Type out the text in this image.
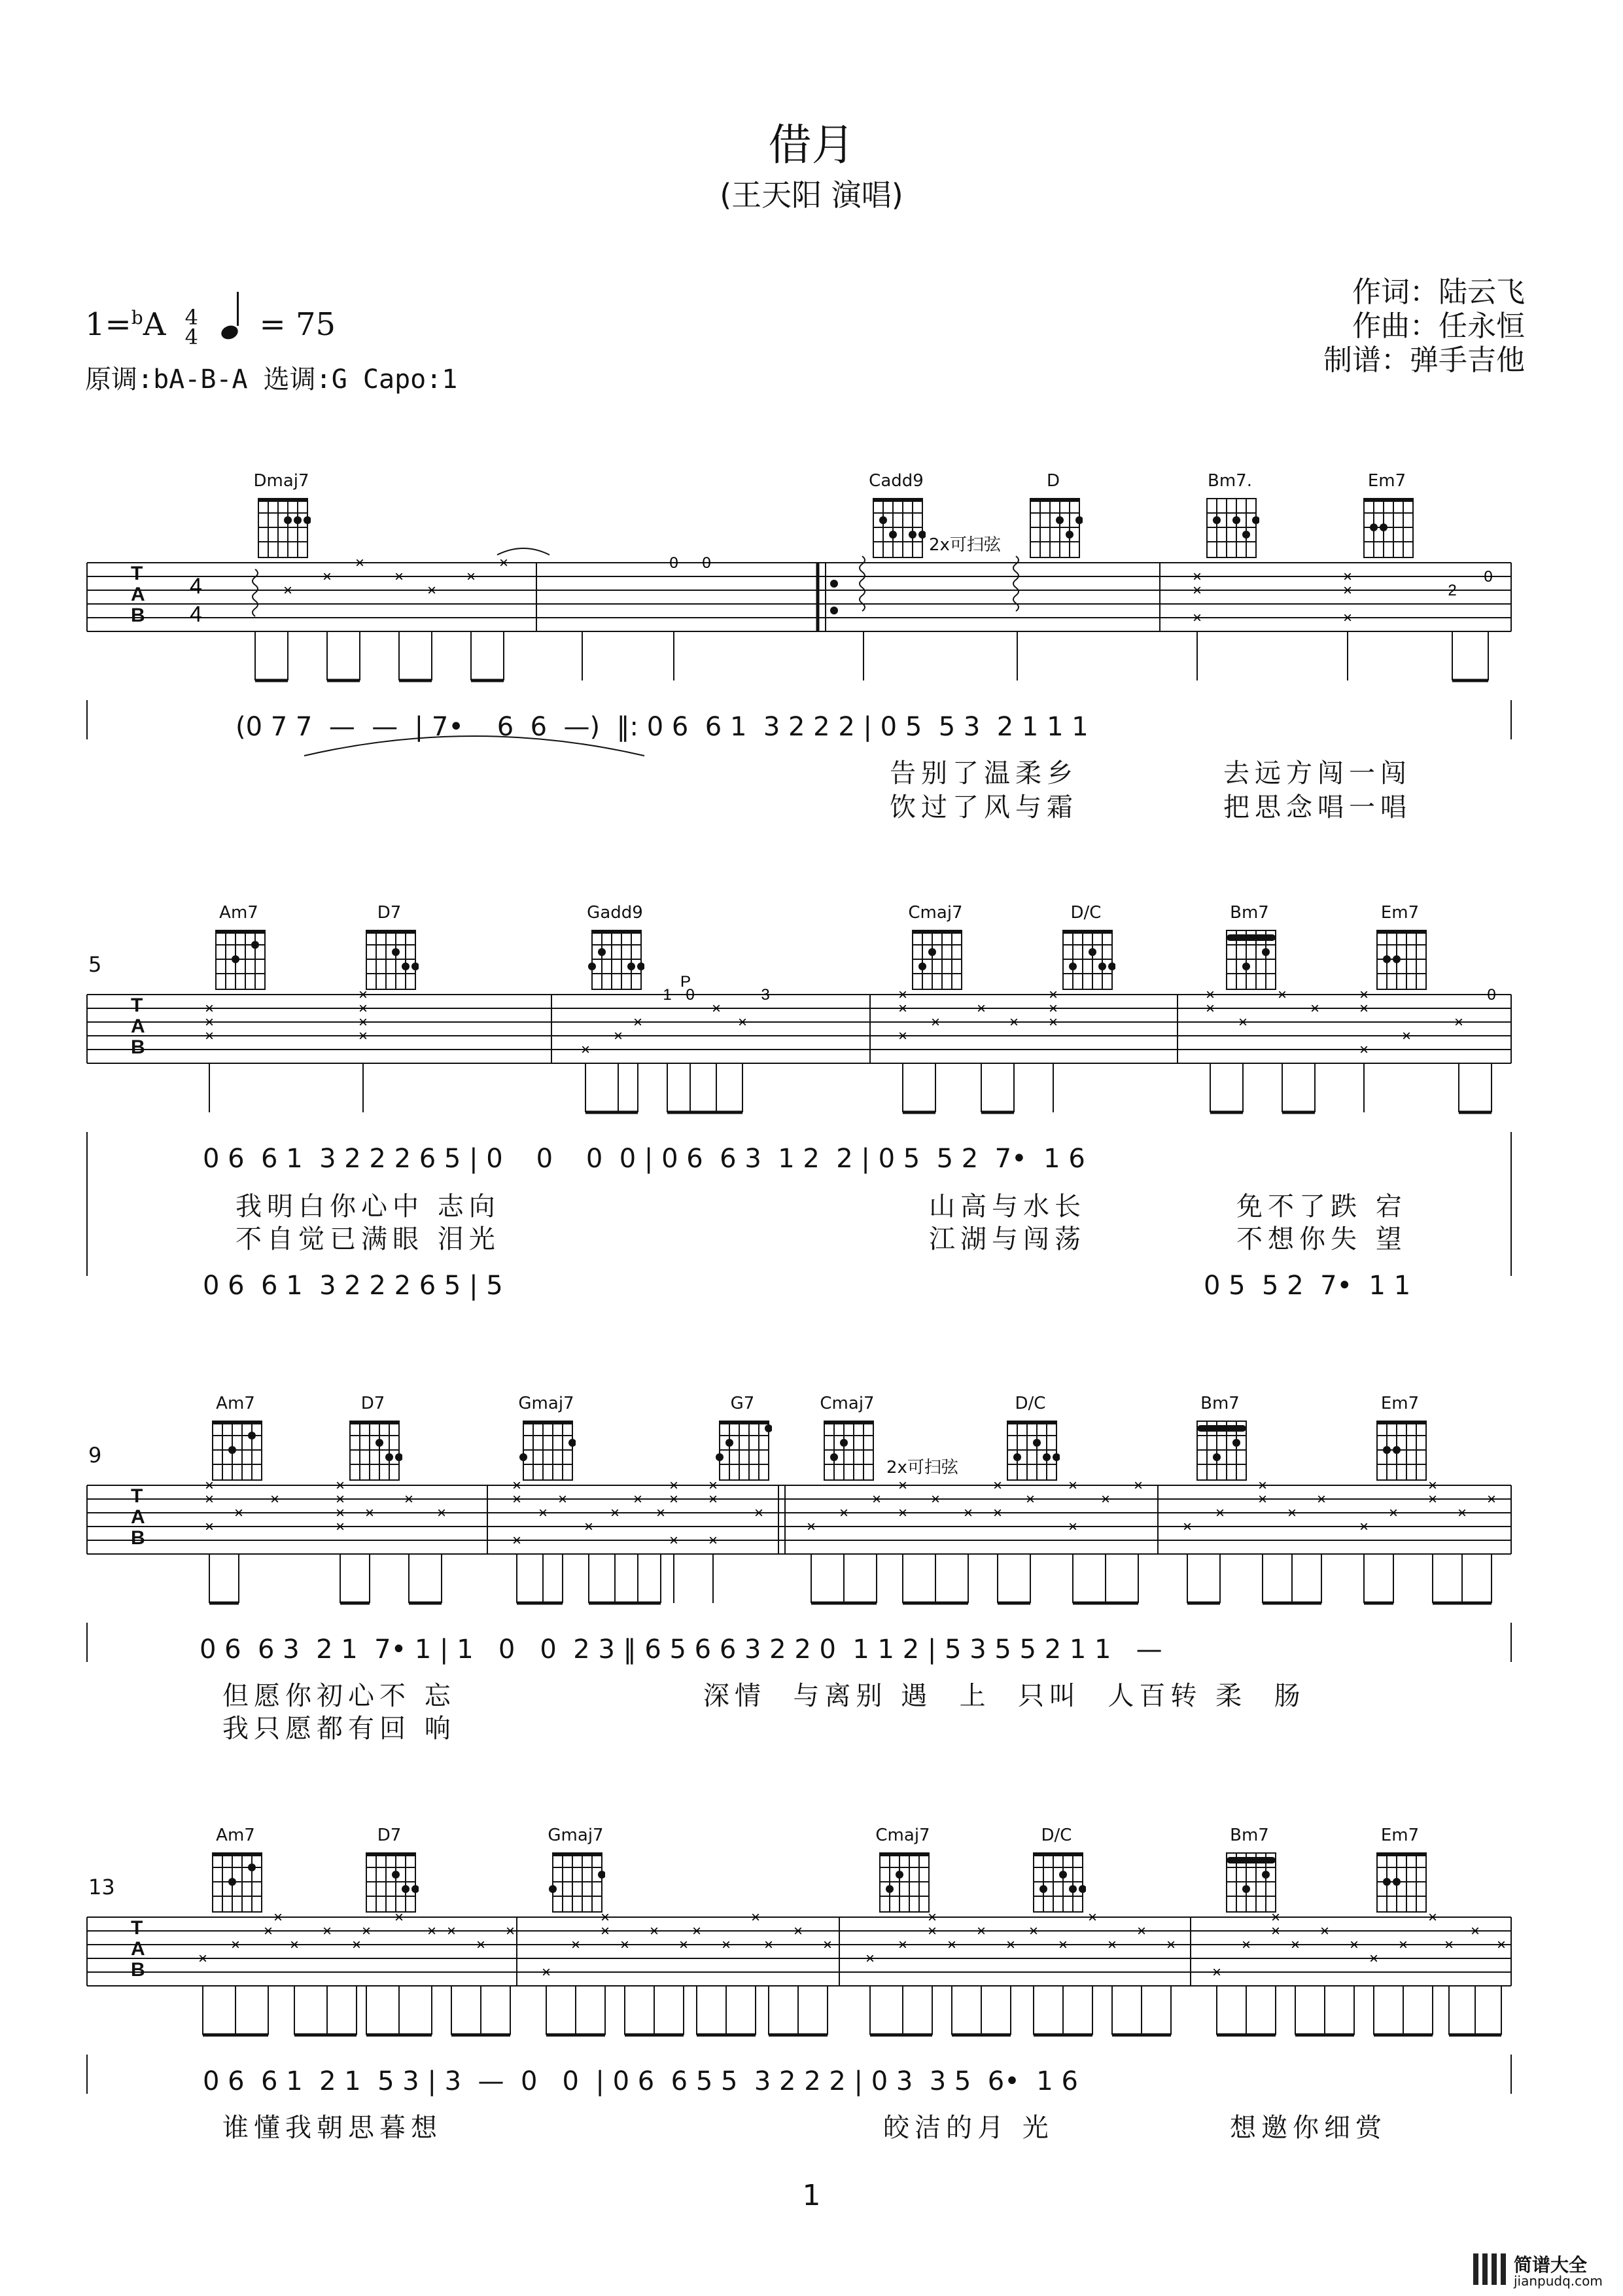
借月
(王天阳 演唱)
作词：陆云飞
作曲：任永恒
制谱：弹手吉他
1=$^b$A 4
4 = 75
原调:bA-B-A 选调:G Capo:1
4
4
×
×
×
×
×
×
×	0 0
×
×
×
×
×
×
2
0
T
A
B
Dmaj7	Cadd9	D	Bm7.	Em7
2x可扫弦
(0 7 7  —  —  | 7•    6  6  —)  ‖: 0 6  6 1  3 2 2 2 | 0 5  5 3  2 1 1 1
告别了温柔乡
饮过了风与霜
去远方闯一闯
把思念唱一唱
×
×
×
×
×
×
×
×
×
×
1 0
×
×
3	×
×
×
×
×
×
×
×
×
×
×
×
×
×
×
×
×
×
×
0
P
5
T
A
B
Am7	D7	Gadd9	Cmaj7	D/C	Bm7	Em7
0 6  6 1  3 2 2 2 6 5 | 0    0    0  0 | 0 6  6 3  1 2  2 | 0 5  5 2  7•  1 6
我明白你心中 志向	山高与水长	免不了跌 宕
不自觉已满眼 泪光	江湖与闯荡	不想你失 望
0 6  6 1  3 2 2 2 6 5 | 5	0 5  5 2  7•  1 1
×
×
×
×
×
×
×
×
×
×
×
×
×
×
×
×
×
×
×
×
×
×
×
×
×
×
×
×
×
×
×
×
×
×
×
×
×
×
×
×
×
×
×
×
×
×
×
×
×
×
×
×
×
×
9
T
A
B
Am7	D7	Gmaj7	G7	Cmaj7	D/C	Bm7	Em7
2x可扫弦
0 6  6 3  2 1  7• 1 | 1   0   0  2 3 ‖ 6 5 6 6 3 2 2 0  1 1 2 | 5 3 5 5 2 1 1   —
但愿你初心不 忘	深情  与离别 遇  上  只叫  人百转 柔  肠
我只愿都有回 响
×
×
×
×
×
×
×
×
×
× ×
×
×
×
×
×
×
×
×
×
×
×
×
×
×
×
×
×
×
×
×
×
×
×
×
×
×
×
×
×
×
×
×
×
×
×
×
×
×
×
×
×
13
T
A
B
Am7	D7	Gmaj7	Cmaj7	D/C	Bm7	Em7
0 6  6 1  2 1  5 3 | 3  —  0   0  | 0 6  6 5 5  3 2 2 2 | 0 3  3 5  6•  1 6
谁懂我朝思暮想	皎洁的月 光	想邀你细赏
1
简谱大全
jianpudq.com
